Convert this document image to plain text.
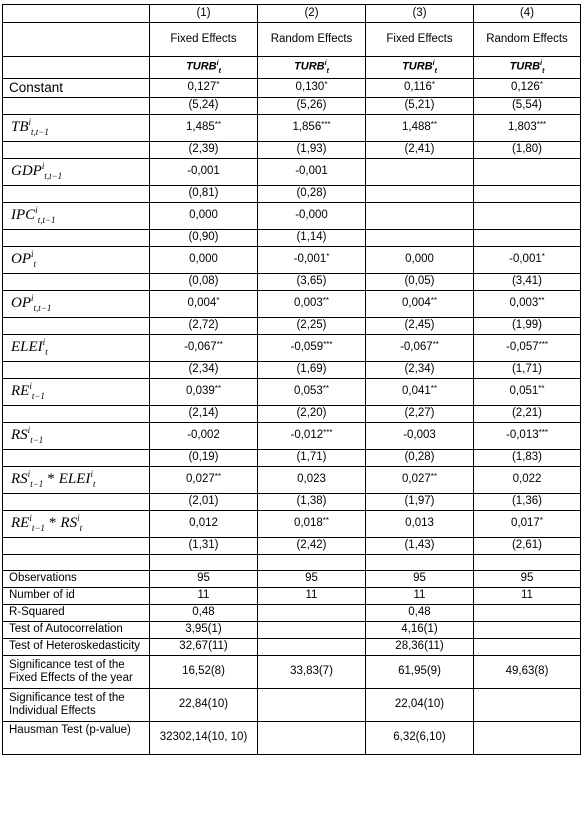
	(1)	(2)	(3)	(4)
	Fixed Effects	Random Effects	Fixed Effects	Random Effects
	$TURB^i_t$	$TURB^i_t$	$TURB^i_t$	$TURB^i_t$
Constant	0,127*	0,130*	0,116*	0,126*
	(5,24)	(5,26)	(5,21)	(5,54)
$TB^i_{t,t-1}$	1,485**	1,856***	1,488**	1,803***
	(2,39)	(1,93)	(2,41)	(1,80)
$GDP^i_{t,t-1}$	-0,001	-0,001		
	(0,81)	(0,28)		
$IPC^i_{t,t-1}$	0,000	-0,000		
	(0,90)	(1,14)		
$OP^i_t$	0,000	-0,001*	0,000	-0,001*
	(0,08)	(3,65)	(0,05)	(3,41)
$OP^i_{t,t-1}$	0,004*	0,003**	0,004**	0,003**
	(2,72)	(2,25)	(2,45)	(1,99)
$ELEI^i_t$	-0,067**	-0,059***	-0,067**	-0,057***
	(2,34)	(1,69)	(2,34)	(1,71)
$RE^i_{t-1}$	0,039**	0,053**	0,041**	0,051**
	(2,14)	(2,20)	(2,27)	(2,21)
$RS^i_{t-1}$	-0,002	-0,012***	-0,003	-0,013***
	(0,19)	(1,71)	(0,28)	(1,83)
$RS^i_{t-1}$ * $ELEI^i_t$	0,027**	0,023	0,027**	0,022
	(2,01)	(1,38)	(1,97)	(1,36)
$RE^i_{t-1} * RS^i_t$	0,012	0,018**	0,013	0,017*
	(1,31)	(2,42)	(1,43)	(2,61)

Observations	95	95	95	95
Number of id	11	11	11	11
R-Squared	0,48		0,48	
Test of Autocorrelation	3,95(1)		4,16(1)	
Test of Heteroskedasticity	32,67(11)		28,36(11)	
Significance test of the Fixed Effects of the year	16,52(8)	33,83(7)	61,95(9)	49,63(8)
Significance test of the Individual Effects	22,84(10)		22,04(10)	
Hausman Test (p-value)	32302,14(10, 10)		6,32(6,10)	
